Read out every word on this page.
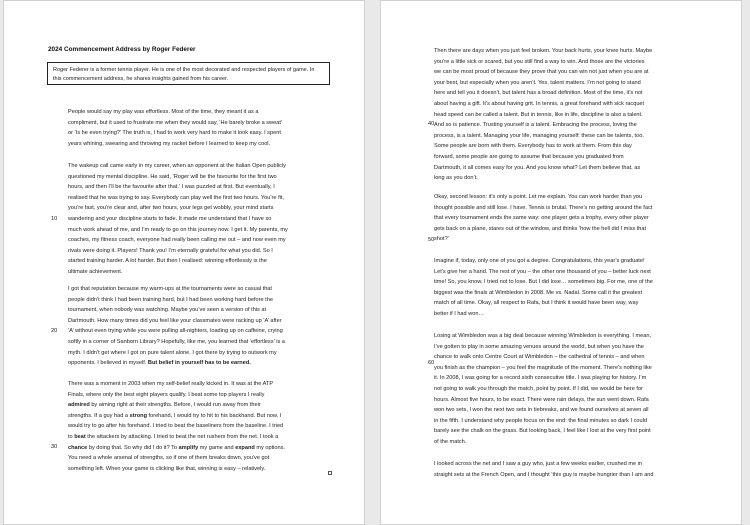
2024 Commencement Address by Roger Federer
Roger Federer is a former tennis player. He is one of the most decorated and respected players of game. In this commencement address, he shares insights gained from his career.

People would say my play was effortless. Most of the time, they meant it as a
compliment, but it used to frustrate me when they would say, ‘He barely broke a sweat’
or ‘Is he even trying?’ The truth is, I had to work very hard to make it look easy. I spent
years whining, swearing and throwing my racket before I learned to keep my cool.

The wakeup call came early in my career, when an opponent at the Italian Open publicly
questioned my mental discipline. He said, ‘Roger will be the favourite for the first two
hours, and then I’ll be the favourite after that.’ I was puzzled at first. But eventually, I
realised that he was trying to say. Everybody can play well the first two hours. You’re fit,
you’re fast, you’re clear and, after two hours, your legs get wobbly, your mind starts
wandering and your discipline starts to fade. It made me understand that I have so
much work ahead of me, and I’m ready to go on this journey now. I get it. My parents, my
coaches, my fitness coach, everyone had really been calling me out – and now even my
rivals were doing it. Players! Thank you! I’m eternally grateful for what you did. So I
started training harder. A lot harder. But then I realised: winning effortlessly is the
ultimate achievement.

I got that reputation because my warm-ups at the tournaments were so casual that
people didn’t think I had been training hard, but I had been working hard before the
tournament, when nobody was watching. Maybe you’ve seen a version of this at
Dartmouth. How many times did you feel like your classmates were racking up ‘A’ after
‘A’ without even trying while you were pulling all-nighters, loading up on caffeine, crying
softly in a corner of Sanborn Library? Hopefully, like me, you learned that ‘effortless’ is a
myth. I didn’t get where I got on pure talent alone. I got there by trying to outwork my
opponents. I believed in myself. But belief in yourself has to be earned.

There was a moment in 2003 when my self-belief really kicked in. It was at the ATP
Finals, where only the best eight players qualify. I beat some top players I really
admired by aiming right at their strengths. Before, I would run away from their
strengths. If a guy had a strong forehand, I would try to hit to his backhand. But now, I
would try to go after his forehand. I tried to beat the baseliners from the baseline. I tried
to beat the attackers by attacking. I tried to beat the net rushers from the net. I took a
chance by doing that. So why did I do it? To amplify my game and expand my options.
You need a whole arsenal of strengths, so if one of them breaks down, you’ve got
something left. When your game is clicking like that, winning is easy – relatively.

10
20
30

Then there are days when you just feel broken. Your back hurts, your knee hurts. Maybe
you’re a little sick or scared, but you still find a way to win. And those are the victories
we can be most proud of because they prove that you can win not just when you are at
your best, but especially when you aren’t. Yes, talent matters. I’m not going to stand
here and tell you it doesn’t, but talent has a broad definition. Most of the time, it’s not
about having a gift. It’s about having grit. In tennis, a great forehand with sick racquet
head speed can be called a talent. But in tennis, like in life, discipline is also a talent.
And so is patience. Trusting yourself is a talent. Embracing the process, loving the
process, is a talent. Managing your life, managing yourself: these can be talents, too.
Some people are born with them. Everybody has to work at them. From this day
forward, some people are going to assume that because you graduated from
Dartmouth, it all comes easy for you. And you know what? Let them believe that, as
long as you don’t.

Okay, second lesson: it’s only a point. Let me explain. You can work harder than you
thought possible and still lose. I have. Tennis is brutal. There’s no getting around the fact
that every tournament ends the same way: one player gets a trophy, every other player
gets back on a plane, stares out of the window, and thinks ‘how the hell did I miss that
shot?’

Imagine if, today, only one of you got a degree. Congratulations, this year’s graduate!
Let’s give her a hand. The rest of you – the other one thousand of you – better luck next
time! So, you know, I tried not to lose. But I did lose… sometimes big. For me, one of the
biggest was the finals at Wimbledon in 2008. Me vs. Nadal. Some call it the greatest
match of all time. Okay, all respect to Rafa, but I think it would have been way, way
better if I had won…

Losing at Wimbledon was a big deal because winning Wimbledon is everything. I mean,
I’ve gotten to play in some amazing venues around the world, but when you have the
chance to walk onto Centre Court at Wimbledon – the cathedral of tennis – and when
you finish as the champion – you feel the magnitude of the moment. There’s nothing like
it. In 2008, I was going for a record sixth consecutive title. I was playing for history. I’m
not going to walk you through the match, point by point. If I did, we would be here for
hours. Almost five hours, to be exact. There were rain delays, the sun went down. Rafa
won two sets, I won the next two sets in tiebreaks, and we found ourselves at seven all
in the fifth. I understand why people focus on the end: the final minutes so dark I could
barely see the chalk on the grass. But looking back, I feel like I lost at the very first point
of the match.

I looked across the net and I saw a guy who, just a few weeks earlier, crushed me in
straight sets at the French Open, and I thought ‘this guy is maybe hungrier than I am and

40
50
60
